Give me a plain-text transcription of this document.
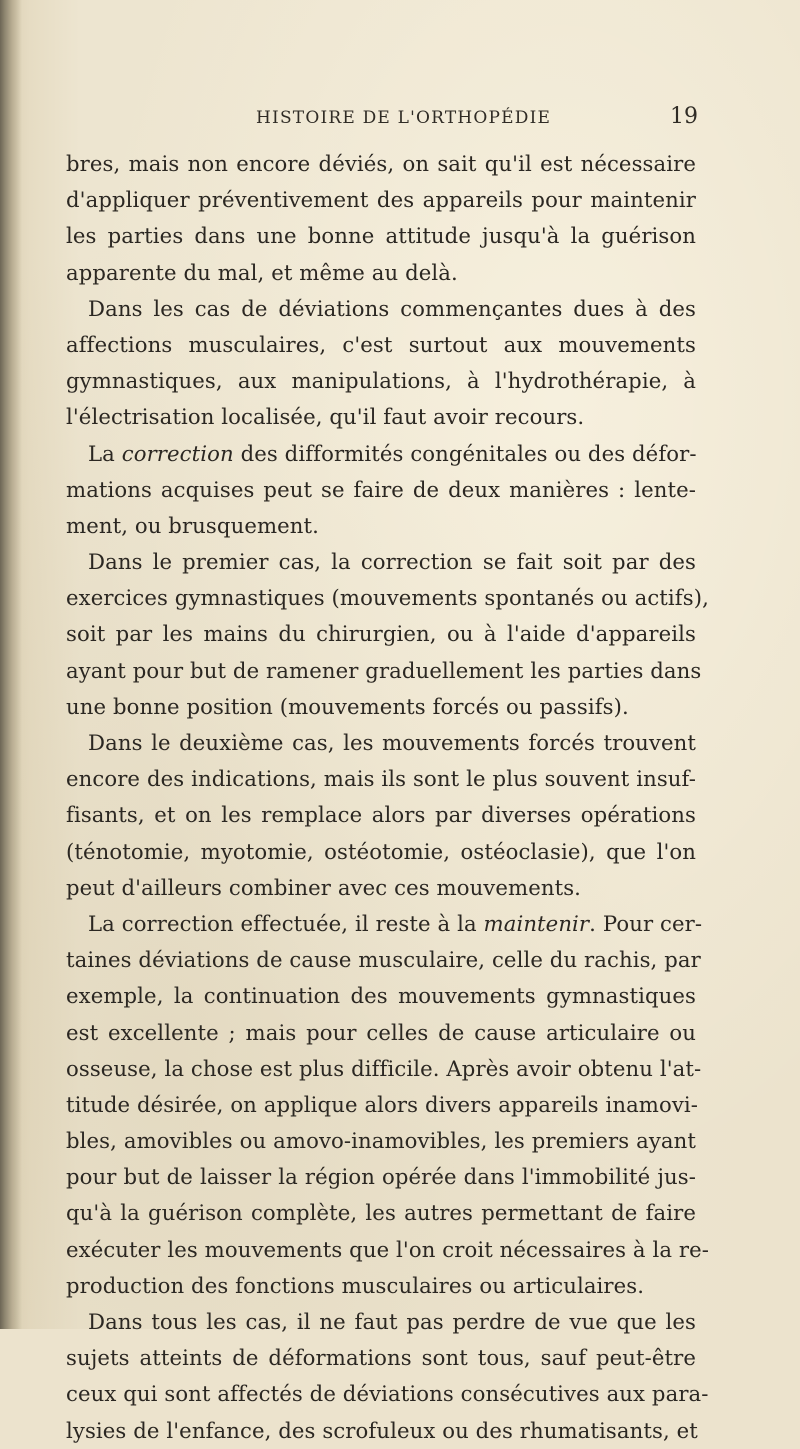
HISTOIRE DE L'ORTHOPÉDIE	19
bres, mais non encore déviés, on sait qu'il est nécessaire
d'appliquer préventivement des appareils pour maintenir
les parties dans une bonne attitude jusqu'à la guérison
apparente du mal, et même au delà.
Dans les cas de déviations commençantes dues à des
affections musculaires, c'est surtout aux mouvements
gymnastiques, aux manipulations, à l'hydrothérapie, à
l'électrisation localisée, qu'il faut avoir recours.
La correction des difformités congénitales ou des défor-
mations acquises peut se faire de deux manières : lente-
ment, ou brusquement.
Dans le premier cas, la correction se fait soit par des
exercices gymnastiques (mouvements spontanés ou actifs),
soit par les mains du chirurgien, ou à l'aide d'appareils
ayant pour but de ramener graduellement les parties dans
une bonne position (mouvements forcés ou passifs).
Dans le deuxième cas, les mouvements forcés trouvent
encore des indications, mais ils sont le plus souvent insuf-
fisants, et on les remplace alors par diverses opérations
(ténotomie, myotomie, ostéotomie, ostéoclasie), que l'on
peut d'ailleurs combiner avec ces mouvements.
La correction effectuée, il reste à la maintenir. Pour cer-
taines déviations de cause musculaire, celle du rachis, par
exemple, la continuation des mouvements gymnastiques
est excellente ; mais pour celles de cause articulaire ou
osseuse, la chose est plus difficile. Après avoir obtenu l'at-
titude désirée, on applique alors divers appareils inamovi-
bles, amovibles ou amovo-inamovibles, les premiers ayant
pour but de laisser la région opérée dans l'immobilité jus-
qu'à la guérison complète, les autres permettant de faire
exécuter les mouvements que l'on croit nécessaires à la re-
production des fonctions musculaires ou articulaires.
Dans tous les cas, il ne faut pas perdre de vue que les
sujets atteints de déformations sont tous, sauf peut-être
ceux qui sont affectés de déviations consécutives aux para-
lysies de l'enfance, des scrofuleux ou des rhumatisants, et
